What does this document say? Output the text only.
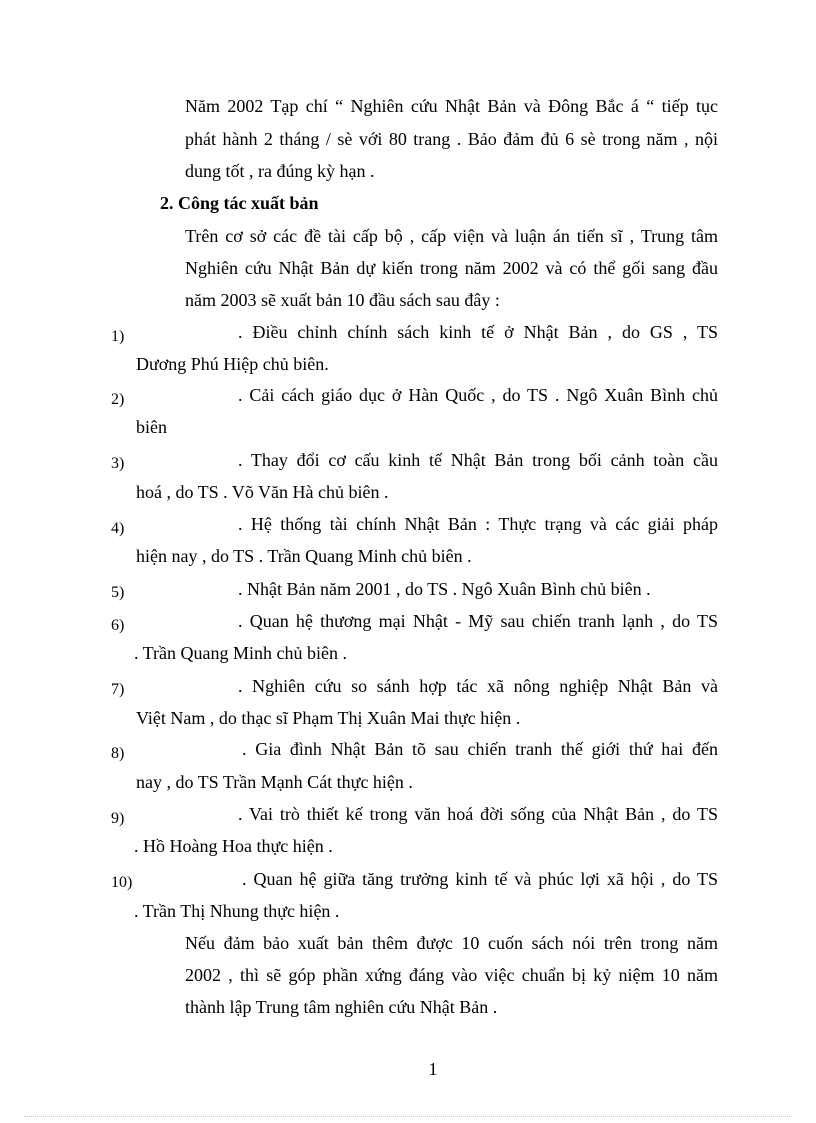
Năm 2002 Tạp chí “ Nghiên cứu Nhật Bản và Đông Bắc á “ tiếp tục
phát hành 2 tháng / sè với 80 trang . Bảo đảm đủ 6 sè trong năm , nội
dung tốt , ra đúng kỳ hạn .
2. Công tác xuất bản
Trên cơ sở các đề tài cấp bộ , cấp viện và luận án tiến sĩ , Trung tâm
Nghiên cứu Nhật Bản dự kiến trong năm 2002 và có thể gối sang đầu
năm 2003 sẽ xuất bản 10 đầu sách sau đây :
1)	. Điều chỉnh chính sách kinh tế ở Nhật Bản , do GS , TS
Dương Phú Hiệp chủ biên.
2)	. Cải cách giáo dục ở Hàn Quốc , do TS . Ngô Xuân Bình chủ
biên
3)	. Thay đổi cơ cấu kinh tế Nhật Bản trong bối cảnh toàn cầu
hoá , do TS . Võ Văn Hà chủ biên .
4)	. Hệ thống tài chính Nhật Bản : Thực trạng và các giải pháp
hiện nay , do TS . Trần Quang Minh chủ biên .
5)	. Nhật Bản năm 2001 , do TS . Ngô Xuân Bình chủ biên .
6)	. Quan hệ thương mại Nhật - Mỹ sau chiến tranh lạnh , do TS
. Trần Quang Minh chủ biên .
7)	. Nghiên cứu so sánh hợp tác xã nông nghiệp Nhật Bản và
Việt Nam , do thạc sĩ Phạm Thị Xuân Mai thực hiện .
8)	. Gia đình Nhật Bản tõ sau chiến tranh thế giới thứ hai đến
nay , do TS Trần Mạnh Cát thực hiện .
9)	. Vai trò thiết kế trong văn hoá đời sống của Nhật Bản , do TS
. Hồ Hoàng Hoa thực hiện .
10)	. Quan hệ giữa tăng trưởng kinh tế và phúc lợi xã hội , do TS
. Trần Thị Nhung thực hiện .
Nếu đảm bảo xuất bản thêm được 10 cuốn sách nói trên trong năm
2002 , thì sẽ góp phần xứng đáng vào việc chuẩn bị kỷ niệm 10 năm
thành lập Trung tâm nghiên cứu Nhật Bản .
1
